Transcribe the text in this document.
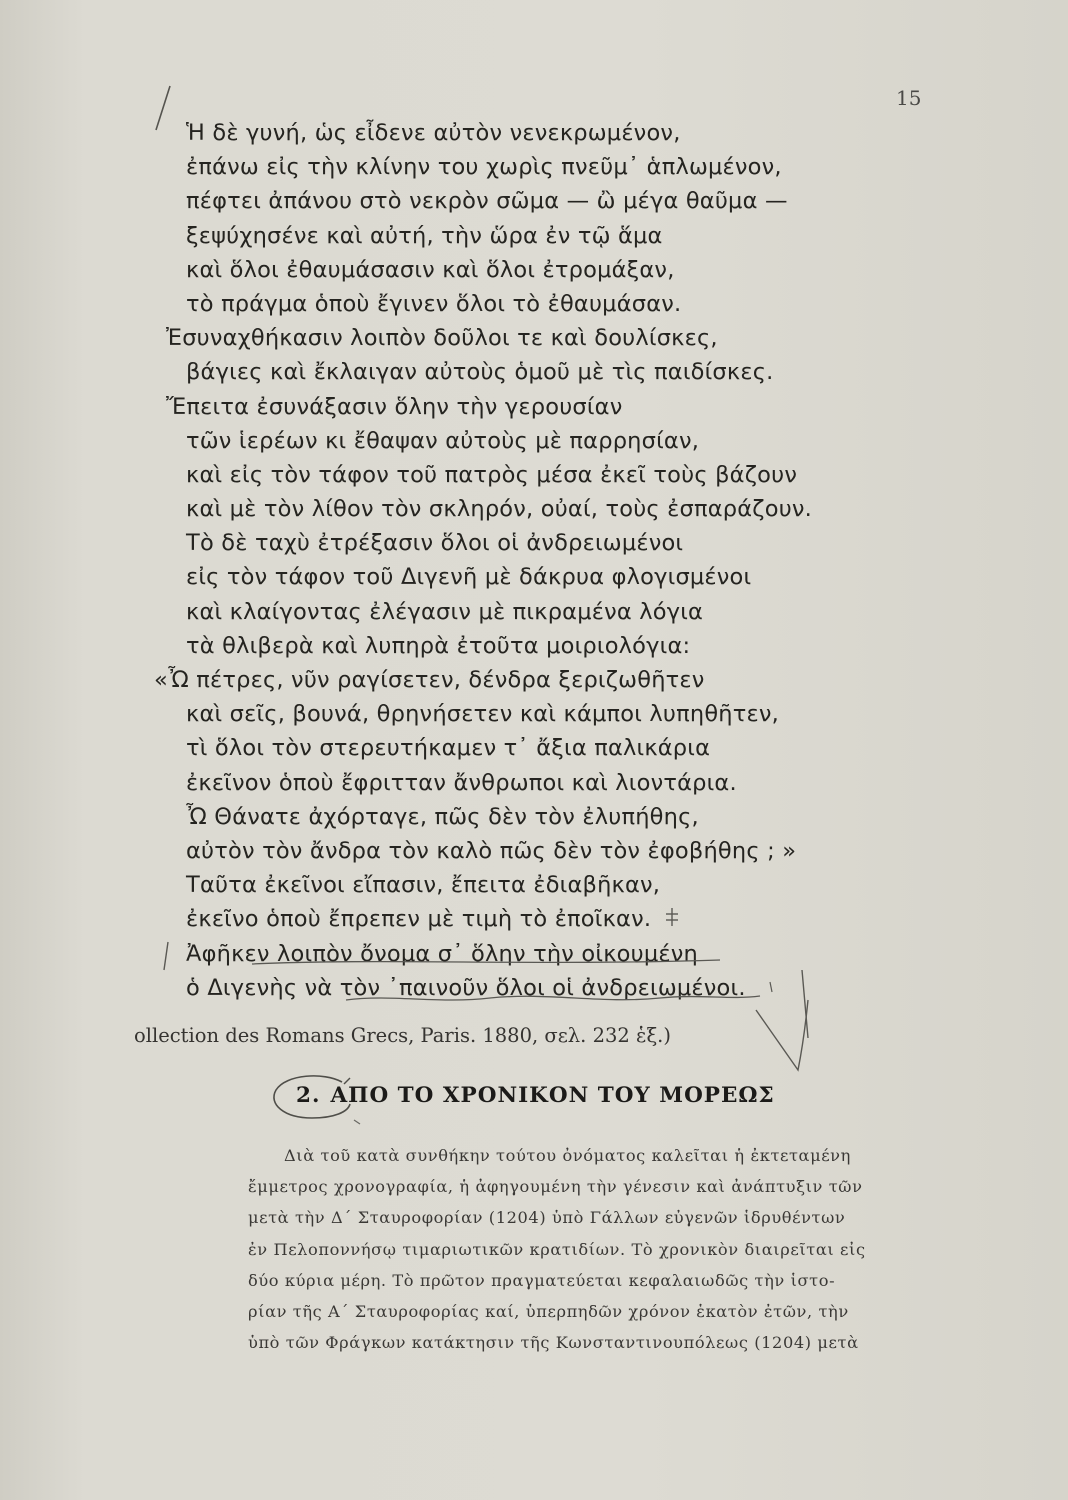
15
Ἡ δὲ γυνή, ὡς εἶδενε αὐτὸν νενεκρωμένον,
ἐπάνω εἰς τὴν κλίνην του χωρὶς πνεῦμ᾿ ἁπλωμένον,
πέφτει ἀπάνου στὸ νεκρὸν σῶμα — ὢ μέγα θαῦμα —
ξεψύχησένε καὶ αὐτή, τὴν ὥρα ἐν τῷ ἅμα
καὶ ὅλοι ἐθαυμάσασιν καὶ ὅλοι ἐτρομάξαν,
τὸ πράγμα ὁποὺ ἔγινεν ὅλοι τὸ ἐθαυμάσαν.
Ἐσυναχθήκασιν λοιπὸν δοῦλοι τε καὶ δουλίσκες,
βάγιες καὶ ἔκλαιγαν αὐτοὺς ὁμοῦ μὲ τὶς παιδίσκες.
Ἔπειτα ἐσυνάξασιν ὅλην τὴν γερουσίαν
τῶν ἱερέων κι ἔθαψαν αὐτοὺς μὲ παρρησίαν,
καὶ εἰς τὸν τάφον τοῦ πατρὸς μέσα ἐκεῖ τοὺς βάζουν
καὶ μὲ τὸν λίθον τὸν σκληρόν, οὐαί, τοὺς ἐσπαράζουν.
Τὸ δὲ ταχὺ ἐτρέξασιν ὅλοι οἱ ἀνδρειωμένοι
εἰς τὸν τάφον τοῦ Διγενῆ μὲ δάκρυα φλογισμένοι
καὶ κλαίγοντας ἐλέγασιν μὲ πικραμένα λόγια
τὰ θλιβερὰ καὶ λυπηρὰ ἐτοῦτα μοιριολόγια:
«Ὦ πέτρες, νῦν ραγίσετεν, δένδρα ξεριζωθῆτεν
καὶ σεῖς, βουνά, θρηνήσετεν καὶ κάμποι λυπηθῆτεν,
τὶ ὅλοι τὸν στερευτήκαμεν τ᾿ ἄξια παλικάρια
ἐκεῖνον ὁποὺ ἔφριτταν ἄνθρωποι καὶ λιοντάρια.
Ὦ Θάνατε ἀχόρταγε, πῶς δὲν τὸν ἐλυπήθης,
αὐτὸν τὸν ἄνδρα τὸν καλὸ πῶς δὲν τὸν ἐφοβήθης ; »
Ταῦτα ἐκεῖνοι εἴπασιν, ἔπειτα ἐδιαβῆκαν,
ἐκεῖνο ὁποὺ ἔπρεπεν μὲ τιμὴ τὸ ἐποῖκαν.
Ἀφῆκεν λοιπὸν ὄνομα σ᾿ ὅλην τὴν οἰκουμένη
ὁ Διγενὴς νὰ τὸν ᾿παινοῦν ὅλοι οἱ ἀνδρειωμένοι.
ollection des Romans Grecs, Paris. 1880, σελ. 232 ἑξ.)
2. ΑΠΟ ΤΟ ΧΡΟΝΙΚΟΝ ΤΟΥ ΜΟΡΕΩΣ
Διὰ τοῦ κατὰ συνθήκην τούτου ὀνόματος καλεῖται ἡ ἐκτεταμένη
ἔμμετρος χρονογραφία, ἡ ἀφηγουμένη τὴν γένεσιν καὶ ἀνάπτυξιν τῶν
μετὰ τὴν Δ΄ Σταυροφορίαν (1204) ὑπὸ Γάλλων εὐγενῶν ἱδρυθέντων
ἐν Πελοποννήσῳ τιμαριωτικῶν κρατιδίων. Τὸ χρονικὸν διαιρεῖται εἰς
δύο κύρια μέρη. Τὸ πρῶτον πραγματεύεται κεφαλαιωδῶς τὴν ἱστο-
ρίαν τῆς Α΄ Σταυροφορίας καί, ὑπερπηδῶν χρόνον ἑκατὸν ἐτῶν, τὴν
ὑπὸ τῶν Φράγκων κατάκτησιν τῆς Κωνσταντινουπόλεως (1204) μετὰ
